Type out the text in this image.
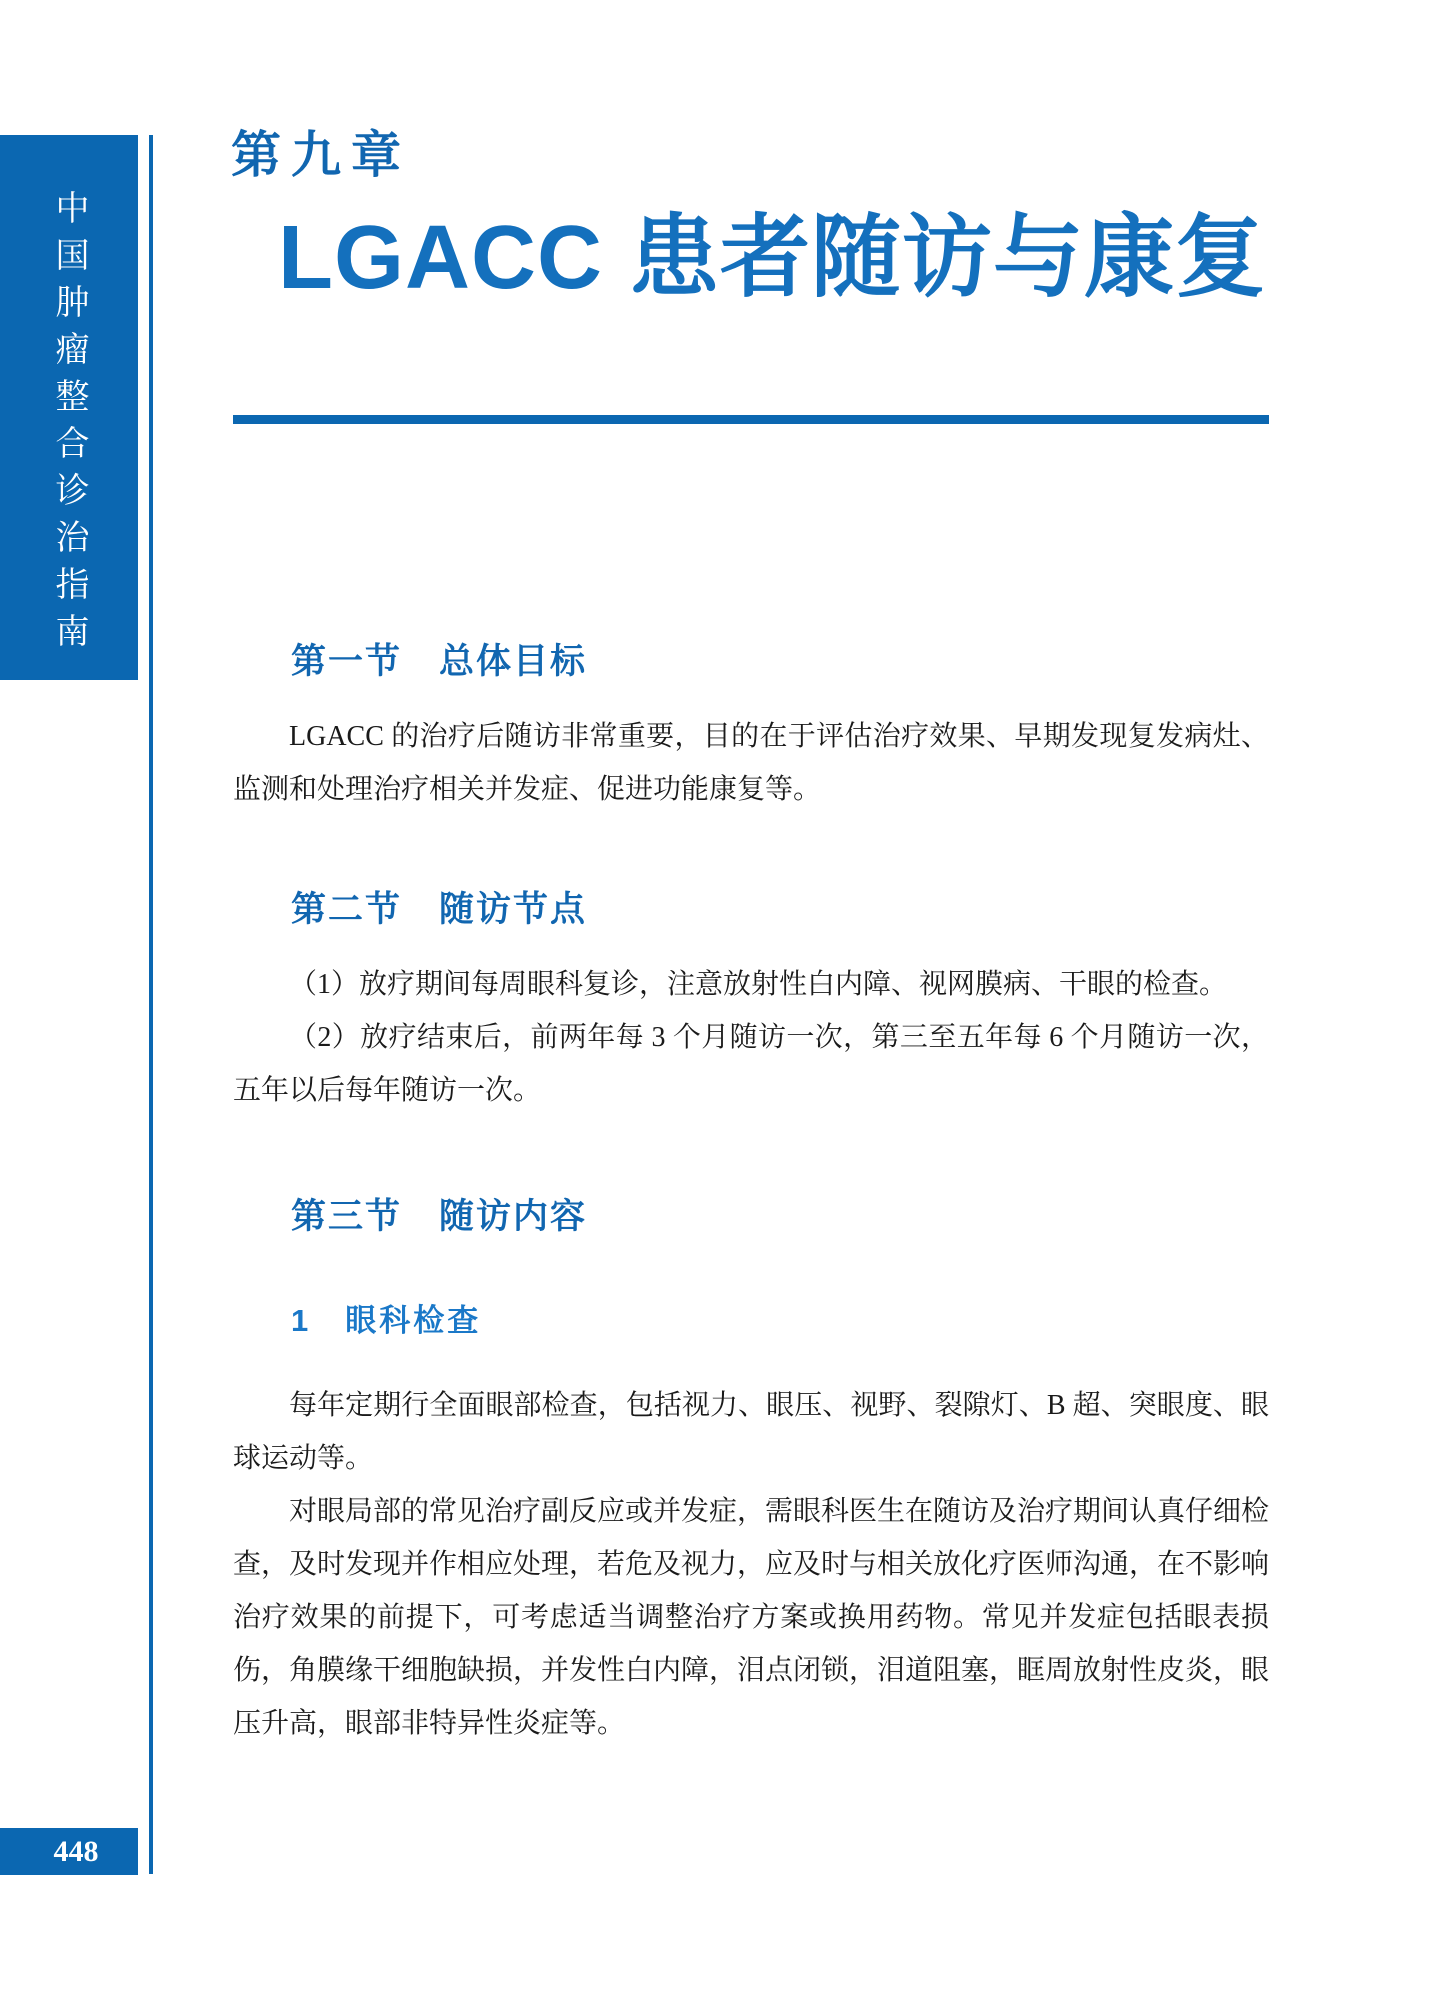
中国肿瘤整合诊治指南
448
第九章
LGACC 患者随访与康复
第一节　总体目标

LGACC 的治疗后随访非常重要，目的在于评估治疗效果、早期发现复发病灶、监测和处理治疗相关并发症、促进功能康复等。

第二节　随访节点

（1）放疗期间每周眼科复诊，注意放射性白内障、视网膜病、干眼的检查。

（2）放疗结束后，前两年每 3 个月随访一次，第三至五年每 6 个月随访一次，五年以后每年随访一次。

第三节　随访内容
1　眼科检查

每年定期行全面眼部检查，包括视力、眼压、视野、裂隙灯、B 超、突眼度、眼球运动等。

对眼局部的常见治疗副反应或并发症，需眼科医生在随访及治疗期间认真仔细检查，及时发现并作相应处理，若危及视力，应及时与相关放化疗医师沟通，在不影响治疗效果的前提下，可考虑适当调整治疗方案或换用药物。常见并发症包括眼表损伤，角膜缘干细胞缺损，并发性白内障，泪点闭锁，泪道阻塞，眶周放射性皮炎，眼压升高，眼部非特异性炎症等。
